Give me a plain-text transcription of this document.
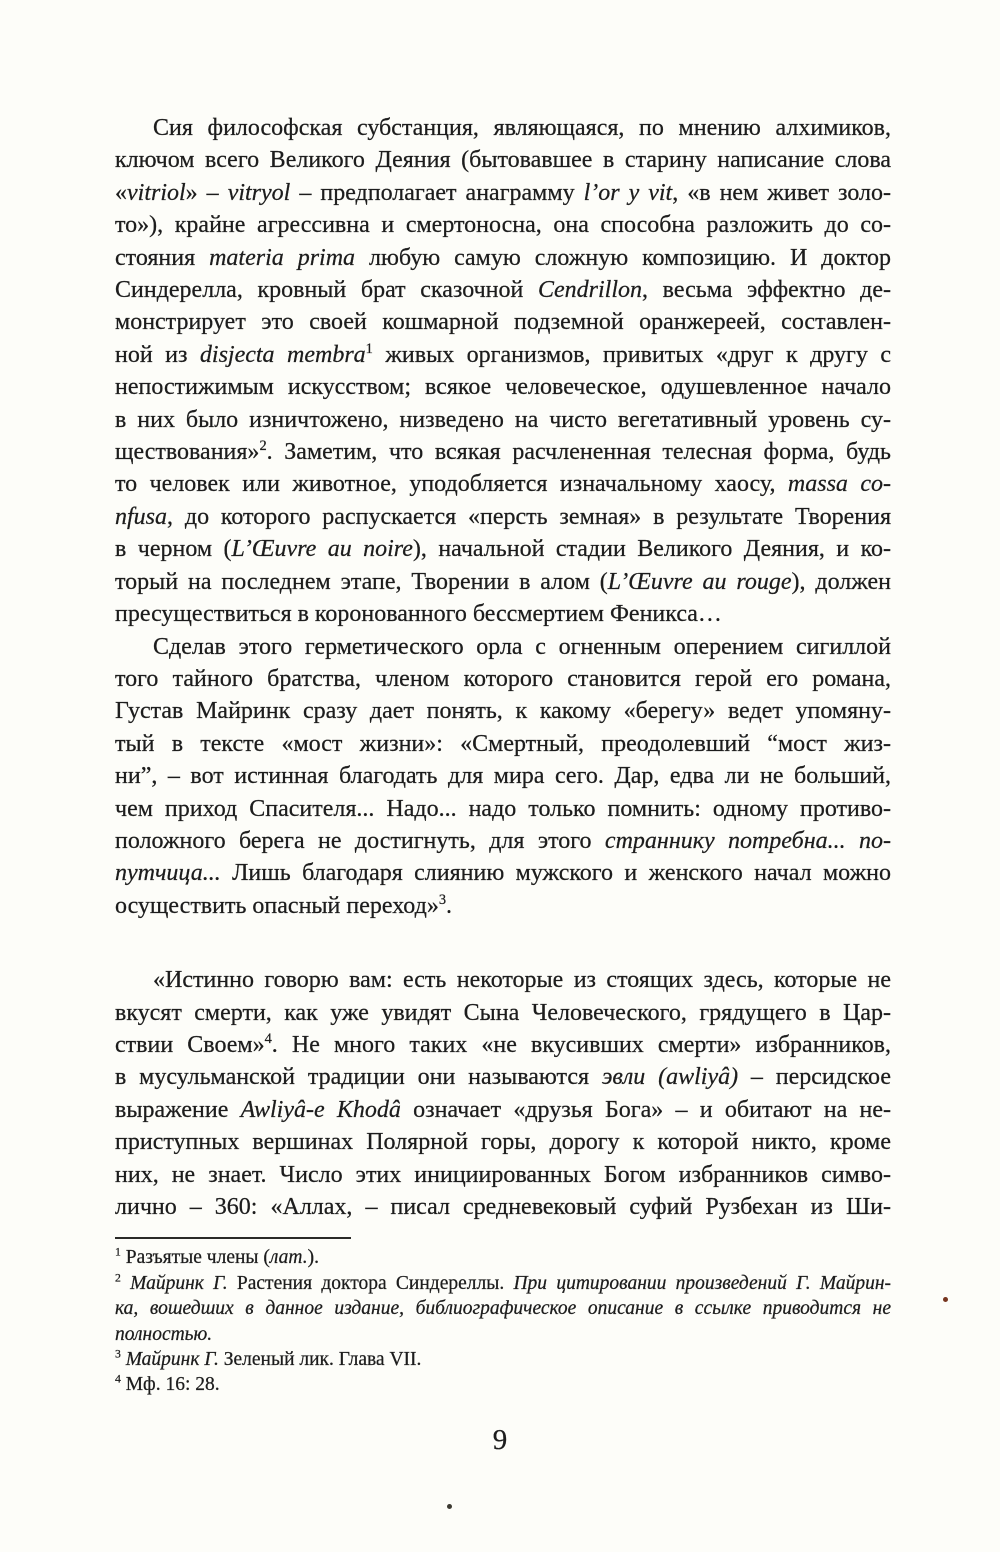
Сия философская субстанция, являющаяся, по мнению алхимиков,
ключом всего Великого Деяния (бытовавшее в старину написание слова
«vitriol» – vitryol – предполагает анаграмму l’or y vit, «в нем живет золо-
то»), крайне агрессивна и смертоносна, она способна разложить до со-
стояния materia prima любую самую сложную композицию. И доктор
Синдерелла, кровный брат сказочной Cendrillon, весьма эффектно де-
монстрирует это своей кошмарной подземной оранжереей, составлен-
ной из disjecta membra$^1$ живых организмов, привитых «друг к другу с
непостижимым искусством; всякое человеческое, одушевленное начало
в них было изничтожено, низведено на чисто вегетативный уровень су-
ществования»$^2$. Заметим, что всякая расчлененная телесная форма, будь
то человек или животное, уподобляется изначальному хаосу, massa co-
nfusa, до которого распускается «персть земная» в результате Творения
в черном (L’Œuvre au noire), начальной стадии Великого Деяния, и ко-
торый на последнем этапе, Творении в алом (L’Œuvre au rouge), должен
пресуществиться в коронованного бессмертием Феникса…
Сделав этого герметического орла с огненным оперением сигиллой
того тайного братства, членом которого становится герой его романа,
Густав Майринк сразу дает понять, к какому «берегу» ведет упомяну-
тый в тексте «мост жизни»: «Смертный, преодолевший “мост жиз-
ни”, – вот истинная благодать для мира сего. Дар, едва ли не больший,
чем приход Спасителя... Надо... надо только помнить: одному противо-
положного берега не достигнуть, для этого страннику потребна... по-
путчица... Лишь благодаря слиянию мужского и женского начал можно
осуществить опасный переход»$^3$.
«Истинно говорю вам: есть некоторые из стоящих здесь, которые не
вкусят смерти, как уже увидят Сына Человеческого, грядущего в Цар-
ствии Своем»$^4$. Не много таких «не вкусивших смерти» избранников,
в мусульманской традиции они называются эвли (awliyâ) – персидское
выражение Awliyâ-e Khodâ означает «друзья Бога» – и обитают на не-
приступных вершинах Полярной горы, дорогу к которой никто, кроме
них, не знает. Число этих инициированных Богом избранников симво-
лично – 360: «Аллах, – писал средневековый суфий Рузбехан из Ши-
$^1$ Разъятые члены (лат.).
$^2$ Майринк Г. Растения доктора Синдереллы. При цитировании произведений Г. Майрин-
ка, вошедших в данное издание, библиографическое описание в ссылке приводится не
полностью.
$^3$ Майринк Г. Зеленый лик. Глава VII.
$^4$ Мф. 16: 28.
9
